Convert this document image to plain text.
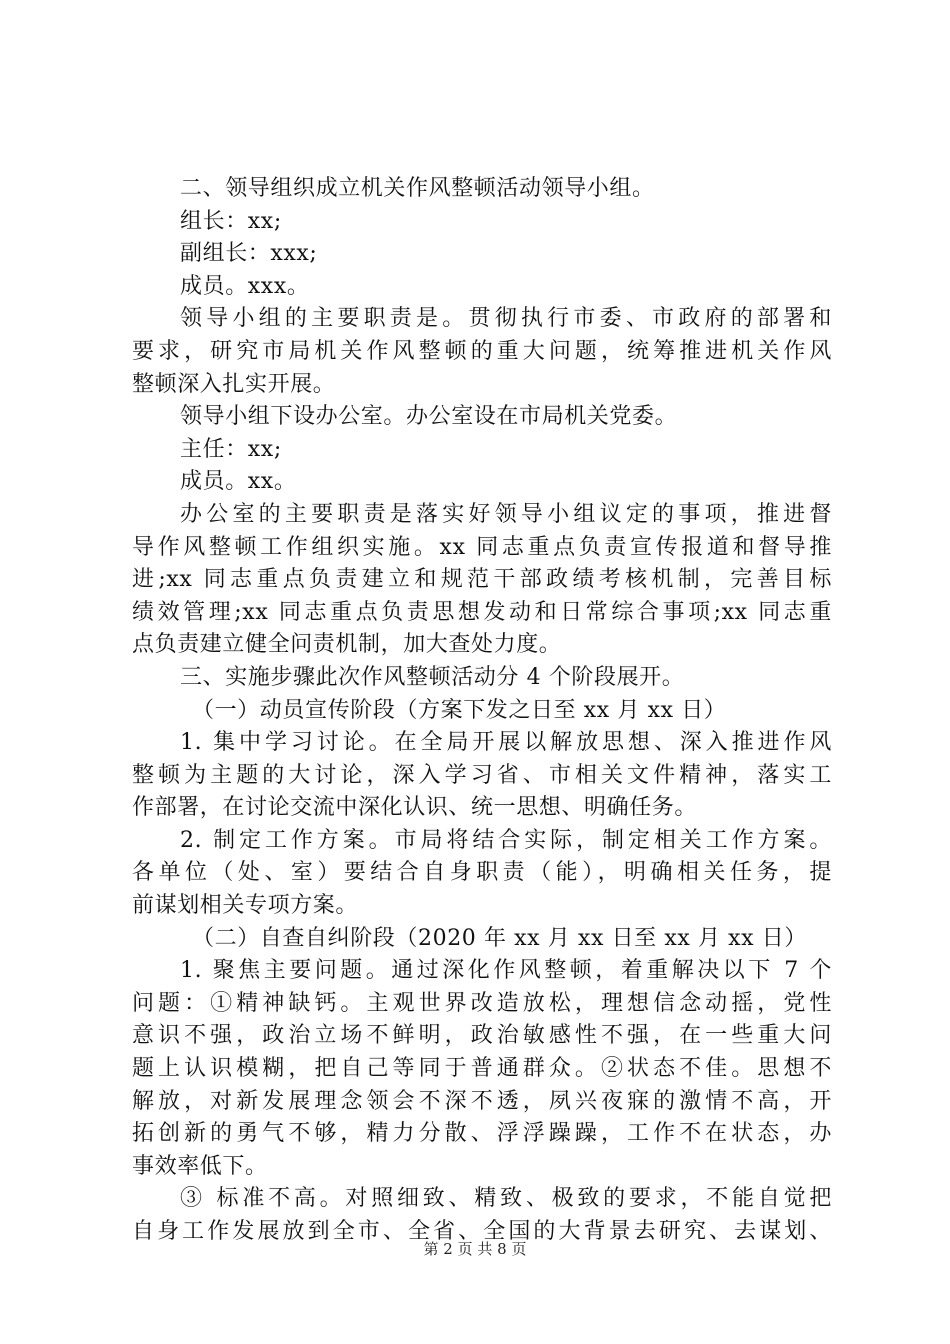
二、领导组织成立机关作风整顿活动领导小组。
组长：xx;
副组长：xxx;
成员。xxx。
领导小组的主要职责是。贯彻执行市委、市政府的部署和
要求，研究市局机关作风整顿的重大问题，统筹推进机关作风
整顿深入扎实开展。
领导小组下设办公室。办公室设在市局机关党委。
主任：xx;
成员。xx。
办公室的主要职责是落实好领导小组议定的事项，推进督
导作风整顿工作组织实施。xx 同志重点负责宣传报道和督导推
进;xx 同志重点负责建立和规范干部政绩考核机制，完善目标
绩效管理;xx 同志重点负责思想发动和日常综合事项;xx 同志重
点负责建立健全问责机制，加大查处力度。
三、实施步骤此次作风整顿活动分 4 个阶段展开。
（一）动员宣传阶段（方案下发之日至 xx 月 xx 日）
1. 集中学习讨论。在全局开展以解放思想、深入推进作风
整顿为主题的大讨论，深入学习省、市相关文件精神，落实工
作部署，在讨论交流中深化认识、统一思想、明确任务。
2. 制定工作方案。市局将结合实际，制定相关工作方案。
各单位（处、室）要结合自身职责（能），明确相关任务，提
前谋划相关专项方案。
（二）自查自纠阶段（2020 年 xx 月 xx 日至 xx 月 xx 日）
1. 聚焦主要问题。通过深化作风整顿，着重解决以下 7 个
问题：①精神缺钙。主观世界改造放松，理想信念动摇，党性
意识不强，政治立场不鲜明，政治敏感性不强，在一些重大问
题上认识模糊，把自己等同于普通群众。②状态不佳。思想不
解放，对新发展理念领会不深不透，夙兴夜寐的激情不高，开
拓创新的勇气不够，精力分散、浮浮躁躁，工作不在状态，办
事效率低下。
③ 标准不高。对照细致、精致、极致的要求，不能自觉把
自身工作发展放到全市、全省、全国的大背景去研究、去谋划、
第 2 页 共 8 页
